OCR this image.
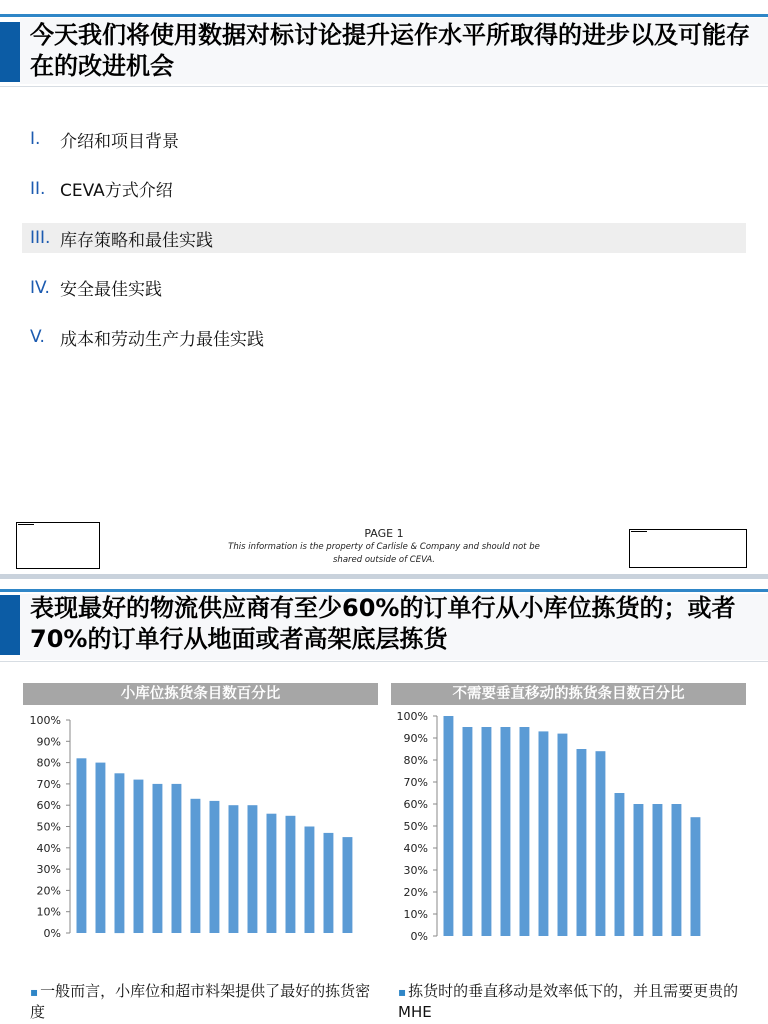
今天我们将使用数据对标讨论提升运作水平所取得的进步以及可能存在的改进机会
I.	介绍和项目背景
II. CEVA方式介绍
III. 库存策略和最佳实践
IV. 安全最佳实践
V. 成本和劳动生产力最佳实践
PAGE 1
This information is the property of Carlisle & Company and should not be shared outside of CEVA.
表现最好的物流供应商有至少60%的订单行从小库位拣货的；或者70%的订单行从地面或者高架底层拣货
小库位拣货条目数百分比	不需要垂直移动的拣货条目数百分比
0%
10%
20%
30%
40%
50%
60%
70%
80%
90%
100%
0%
10%
20%
30%
40%
50%
60%
70%
80%
90%
100%
▪ 一般而言，小库位和超市料架提供了最好的拣货密度
▪ 拣货时的垂直移动是效率低下的，并且需要更贵的MHE
